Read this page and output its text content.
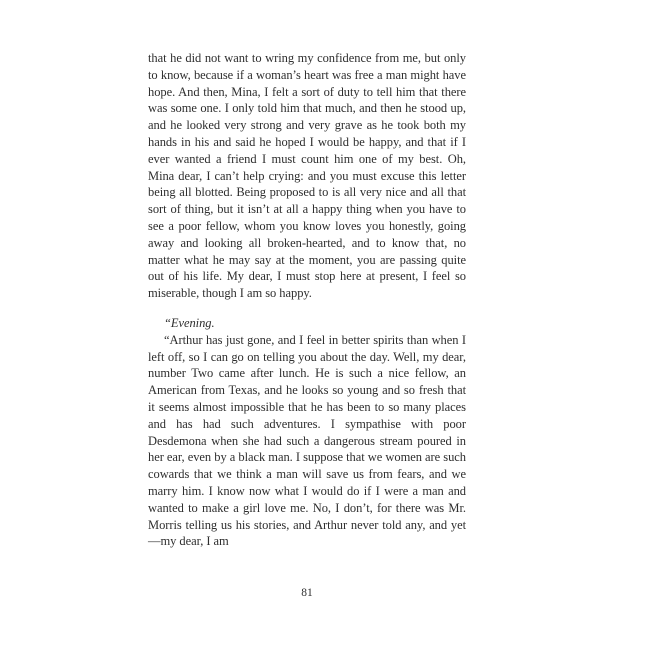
that he did not want to wring my confidence from me, but only to know, because if a woman’s heart was free a man might have hope. And then, Mina, I felt a sort of duty to tell him that there was some one. I only told him that much, and then he stood up, and he looked very strong and very grave as he took both my hands in his and said he hoped I would be happy, and that if I ever wanted a friend I must count him one of my best. Oh, Mina dear, I can’t help crying: and you must excuse this letter being all blotted. Being proposed to is all very nice and all that sort of thing, but it isn’t at all a happy thing when you have to see a poor fellow, whom you know loves you honestly, going away and looking all broken-hearted, and to know that, no matter what he may say at the moment, you are passing quite out of his life. My dear, I must stop here at present, I feel so miserable, though I am so happy.

“Evening.

“Arthur has just gone, and I feel in better spirits than when I left off, so I can go on telling you about the day. Well, my dear, number Two came after lunch. He is such a nice fellow, an American from Texas, and he looks so young and so fresh that it seems almost impossible that he has been to so many places and has had such adventures. I sympathise with poor Desdemona when she had such a dangerous stream poured in her ear, even by a black man. I suppose that we women are such cowards that we think a man will save us from fears, and we marry him. I know now what I would do if I were a man and wanted to make a girl love me. No, I don’t, for there was Mr. Morris telling us his stories, and Arthur never told any, and yet—my dear, I am

81
